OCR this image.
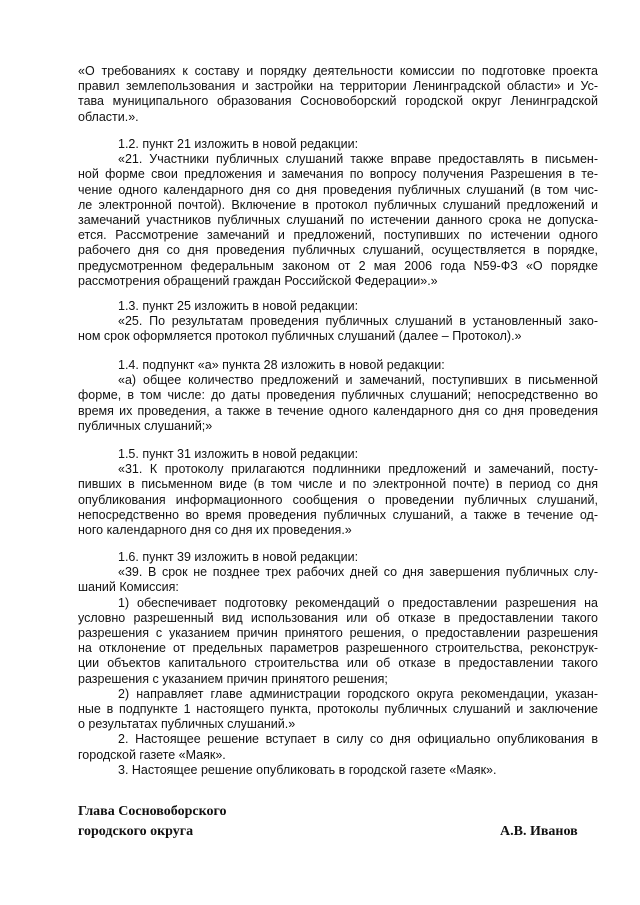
«О требованиях к составу и порядку деятельности комиссии по подготовке проекта
правил землепользования и застройки на территории Ленинградской области» и Ус-
тава муниципального образования Сосновоборский городской округ Ленинградской
области.».
1.2. пункт 21 изложить в новой редакции:
«21. Участники публичных слушаний также вправе предоставлять в письмен-
ной форме свои предложения и замечания по вопросу получения Разрешения в те-
чение одного календарного дня со дня проведения публичных слушаний (в том чис-
ле электронной почтой). Включение в протокол публичных слушаний предложений и
замечаний участников публичных слушаний по истечении данного срока не допуска-
ется. Рассмотрение замечаний и предложений, поступивших по истечении одного
рабочего дня со дня проведения публичных слушаний, осуществляется в порядке,
предусмотренном федеральным законом от 2 мая 2006 года N59-ФЗ «О порядке
рассмотрения обращений граждан Российской Федерации».»
1.3. пункт 25 изложить в новой редакции:
«25. По результатам проведения публичных слушаний в установленный зако-
ном срок оформляется протокол публичных слушаний (далее – Протокол).»
1.4. подпункт «а» пункта 28 изложить в новой редакции:
«а) общее количество предложений и замечаний, поступивших в письменной
форме, в том числе: до даты проведения публичных слушаний; непосредственно во
время их проведения, а также в течение одного календарного дня со дня проведения
публичных слушаний;»
1.5. пункт 31 изложить в новой редакции:
«31. К протоколу прилагаются подлинники предложений и замечаний, посту-
пивших в письменном виде (в том числе и по электронной почте) в период со дня
опубликования информационного сообщения о проведении публичных слушаний,
непосредственно во время проведения публичных слушаний, а также в течение од-
ного календарного дня со дня их проведения.»
1.6. пункт 39 изложить в новой редакции:
«39. В срок не позднее трех рабочих дней со дня завершения публичных слу-
шаний Комиссия:
1) обеспечивает подготовку рекомендаций о предоставлении разрешения на
условно разрешенный вид использования или об отказе в предоставлении такого
разрешения с указанием причин принятого решения, о предоставлении разрешения
на отклонение от предельных параметров разрешенного строительства, реконструк-
ции объектов капитального строительства или об отказе в предоставлении такого
разрешения с указанием причин принятого решения;
2) направляет главе администрации городского округа рекомендации, указан-
ные в подпункте 1 настоящего пункта, протоколы публичных слушаний и заключение
о результатах публичных слушаний.»
2. Настоящее решение вступает в силу со дня официально опубликования в
городской газете «Маяк».
3. Настоящее решение опубликовать в городской газете «Маяк».
Глава Сосновоборского
городского округа	А.В. Иванов
